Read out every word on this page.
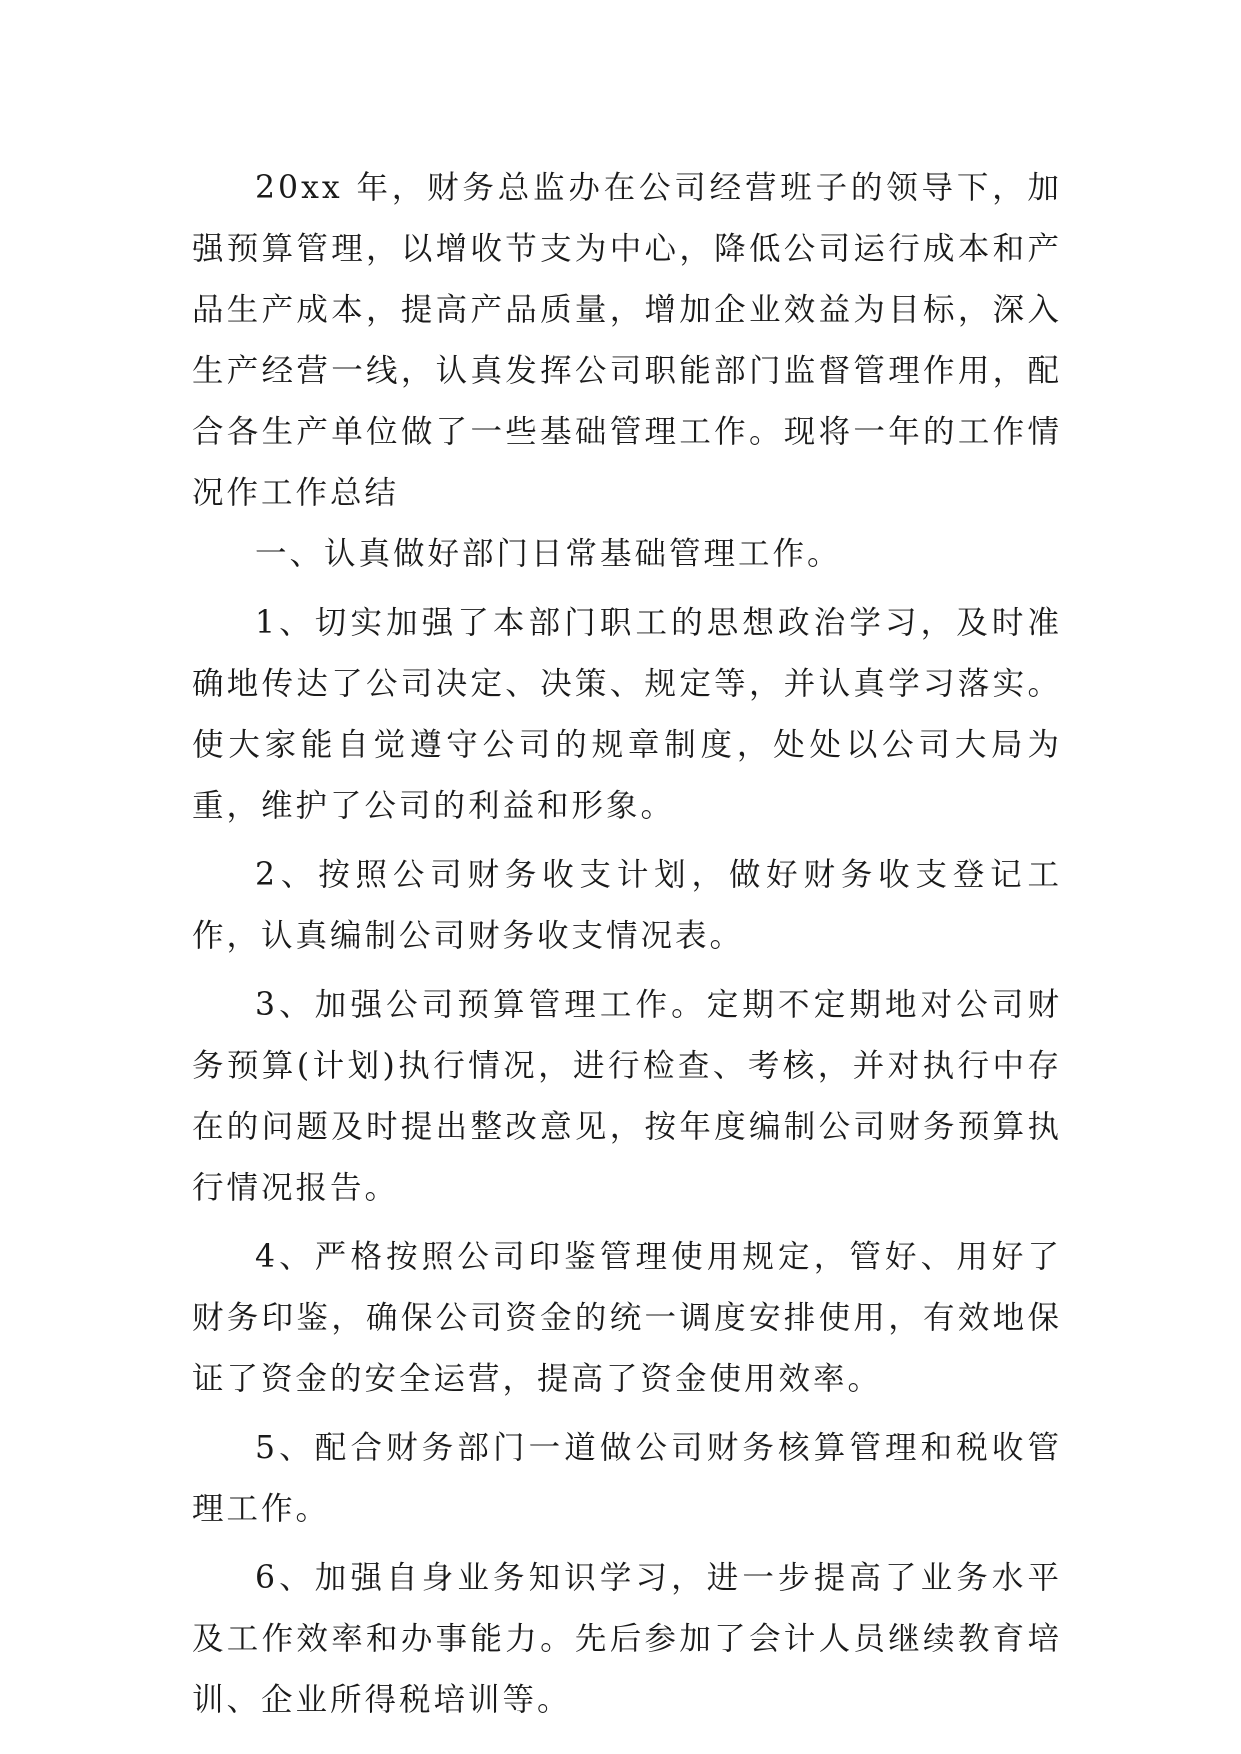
20xx 年，财务总监办在公司经营班子的领导下，加强预算管理，以增收节支为中心，降低公司运行成本和产品生产成本，提高产品质量，增加企业效益为目标，深入生产经营一线，认真发挥公司职能部门监督管理作用，配合各生产单位做了一些基础管理工作。现将一年的工作情况作工作总结

一、认真做好部门日常基础管理工作。

1、切实加强了本部门职工的思想政治学习，及时准确地传达了公司决定、决策、规定等，并认真学习落实。使大家能自觉遵守公司的规章制度，处处以公司大局为重，维护了公司的利益和形象。

2、按照公司财务收支计划，做好财务收支登记工作，认真编制公司财务收支情况表。

3、加强公司预算管理工作。定期不定期地对公司财务预算(计划)执行情况，进行检查、考核，并对执行中存在的问题及时提出整改意见，按年度编制公司财务预算执行情况报告。

4、严格按照公司印鉴管理使用规定，管好、用好了财务印鉴，确保公司资金的统一调度安排使用，有效地保证了资金的安全运营，提高了资金使用效率。

5、配合财务部门一道做公司财务核算管理和税收管理工作。

6、加强自身业务知识学习，进一步提高了业务水平及工作效率和办事能力。先后参加了会计人员继续教育培训、企业所得税培训等。
